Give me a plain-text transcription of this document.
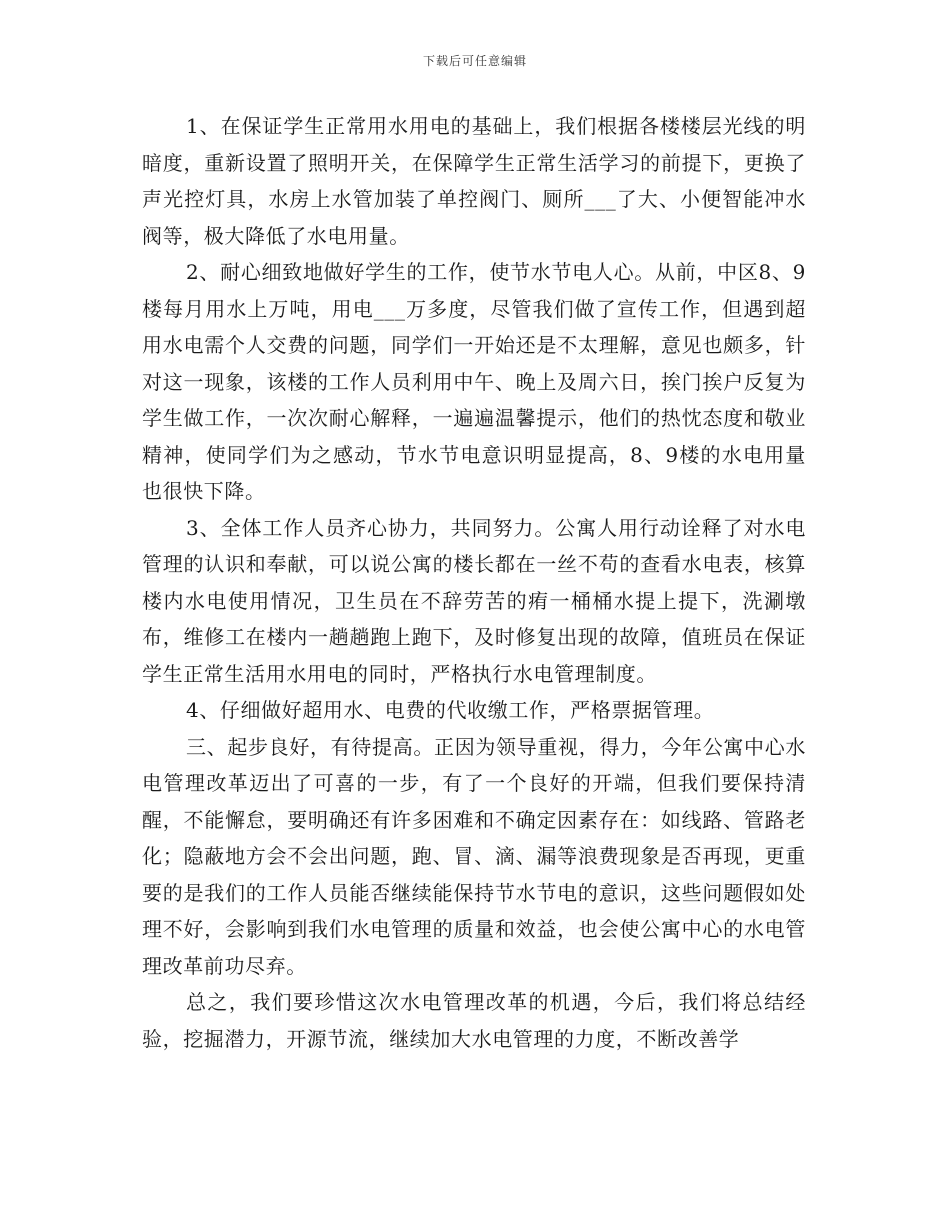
下载后可任意编辑

1、在保证学生正常用水用电的基础上，我们根据各楼楼层光线的明暗度，重新设置了照明开关，在保障学生正常生活学习的前提下，更换了声光控灯具，水房上水管加装了单控阀门、厕所___了大、小便智能冲水阀等，极大降低了水电用量。

2、耐心细致地做好学生的工作，使节水节电人心。从前，中区8、9楼每月用水上万吨，用电___万多度，尽管我们做了宣传工作，但遇到超用水电需个人交费的问题，同学们一开始还是不太理解，意见也颇多，针对这一现象，该楼的工作人员利用中午、晚上及周六日，挨门挨户反复为学生做工作，一次次耐心解释，一遍遍温馨提示，他们的热忱态度和敬业精神，使同学们为之感动，节水节电意识明显提高，8、9楼的水电用量也很快下降。

3、全体工作人员齐心协力，共同努力。公寓人用行动诠释了对水电管理的认识和奉献，可以说公寓的楼长都在一丝不苟的查看水电表，核算楼内水电使用情况，卫生员在不辞劳苦的痏一桶桶水提上提下，洗涮墩布，维修工在楼内一趟趟跑上跑下，及时修复出现的故障，值班员在保证学生正常生活用水用电的同时，严格执行水电管理制度。

4、仔细做好超用水、电费的代收缴工作，严格票据管理。

三、起步良好，有待提高。正因为领导重视，得力，今年公寓中心水电管理改革迈出了可喜的一步，有了一个良好的开端，但我们要保持清醒，不能懈怠，要明确还有许多困难和不确定因素存在：如线路、管路老化；隐蔽地方会不会出问题，跑、冒、滴、漏等浪费现象是否再现，更重要的是我们的工作人员能否继续能保持节水节电的意识，这些问题假如处理不好，会影响到我们水电管理的质量和效益，也会使公寓中心的水电管理改革前功尽弃。

总之，我们要珍惜这次水电管理改革的机遇，今后，我们将总结经验，挖掘潜力，开源节流，继续加大水电管理的力度，不断改善学
